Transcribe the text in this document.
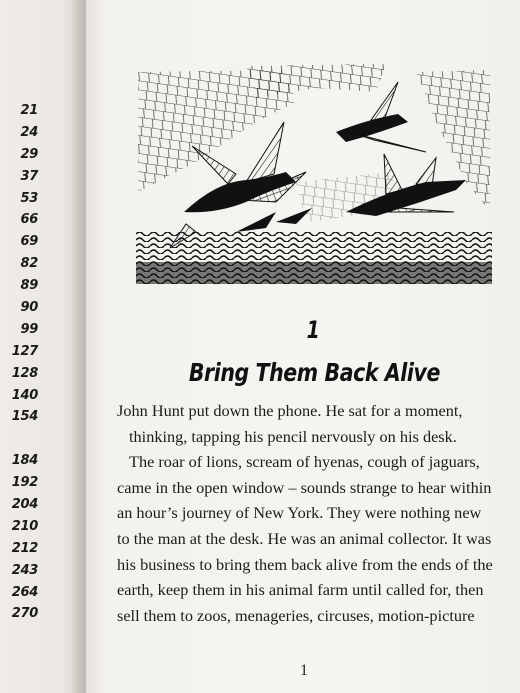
21
24
29
37
53
66
69
82
89
90
99
127
128
140
154
184
192
204
210
212
243
264
270
1
Bring Them Back Alive

John Hunt put down the phone. He sat for a moment,

thinking, tapping his pencil nervously on his desk.

The roar of lions, scream of hyenas, cough of jaguars,

came in the open window – sounds strange to hear within

an hour’s journey of New York. They were nothing new

to the man at the desk. He was an animal collector. It was

his business to bring them back alive from the ends of the

earth, keep them in his animal farm until called for, then

sell them to zoos, menageries, circuses, motion-picture

1
